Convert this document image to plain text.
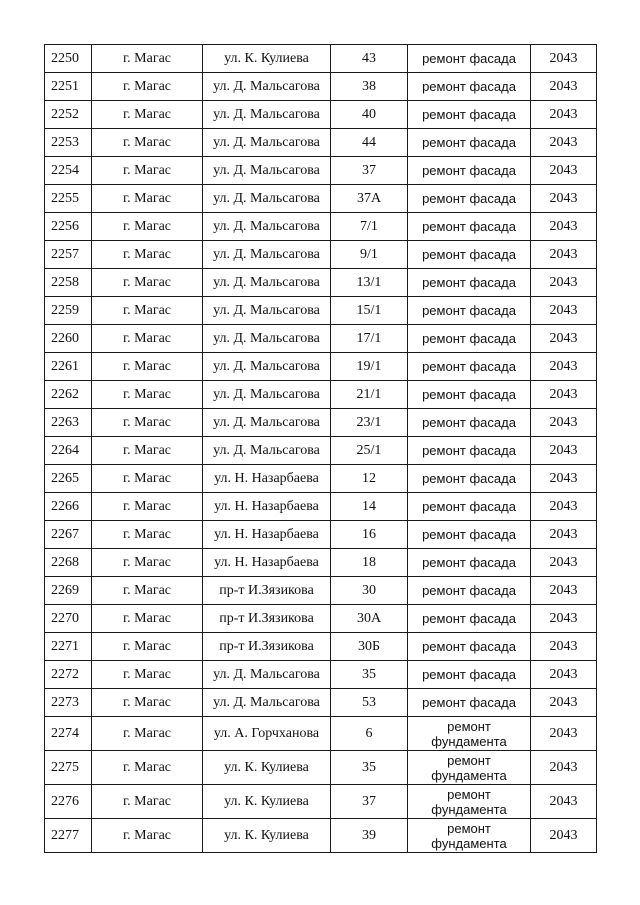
2250	г. Магас	ул. К. Кулиева	43	ремонт фасада	2043
2251	г. Магас	ул. Д. Мальсагова	38	ремонт фасада	2043
2252	г. Магас	ул. Д. Мальсагова	40	ремонт фасада	2043
2253	г. Магас	ул. Д. Мальсагова	44	ремонт фасада	2043
2254	г. Магас	ул. Д. Мальсагова	37	ремонт фасада	2043
2255	г. Магас	ул. Д. Мальсагова	37А	ремонт фасада	2043
2256	г. Магас	ул. Д. Мальсагова	7/1	ремонт фасада	2043
2257	г. Магас	ул. Д. Мальсагова	9/1	ремонт фасада	2043
2258	г. Магас	ул. Д. Мальсагова	13/1	ремонт фасада	2043
2259	г. Магас	ул. Д. Мальсагова	15/1	ремонт фасада	2043
2260	г. Магас	ул. Д. Мальсагова	17/1	ремонт фасада	2043
2261	г. Магас	ул. Д. Мальсагова	19/1	ремонт фасада	2043
2262	г. Магас	ул. Д. Мальсагова	21/1	ремонт фасада	2043
2263	г. Магас	ул. Д. Мальсагова	23/1	ремонт фасада	2043
2264	г. Магас	ул. Д. Мальсагова	25/1	ремонт фасада	2043
2265	г. Магас	ул. Н. Назарбаева	12	ремонт фасада	2043
2266	г. Магас	ул. Н. Назарбаева	14	ремонт фасада	2043
2267	г. Магас	ул. Н. Назарбаева	16	ремонт фасада	2043
2268	г. Магас	ул. Н. Назарбаева	18	ремонт фасада	2043
2269	г. Магас	пр-т И.Зязикова	30	ремонт фасада	2043
2270	г. Магас	пр-т И.Зязикова	30А	ремонт фасада	2043
2271	г. Магас	пр-т И.Зязикова	30Б	ремонт фасада	2043
2272	г. Магас	ул. Д. Мальсагова	35	ремонт фасада	2043
2273	г. Магас	ул. Д. Мальсагова	53	ремонт фасада	2043
2274	г. Магас	ул. А. Горчханова	6	ремонт фундамента	2043
2275	г. Магас	ул. К. Кулиева	35	ремонт фундамента	2043
2276	г. Магас	ул. К. Кулиева	37	ремонт фундамента	2043
2277	г. Магас	ул. К. Кулиева	39	ремонт фундамента	2043
